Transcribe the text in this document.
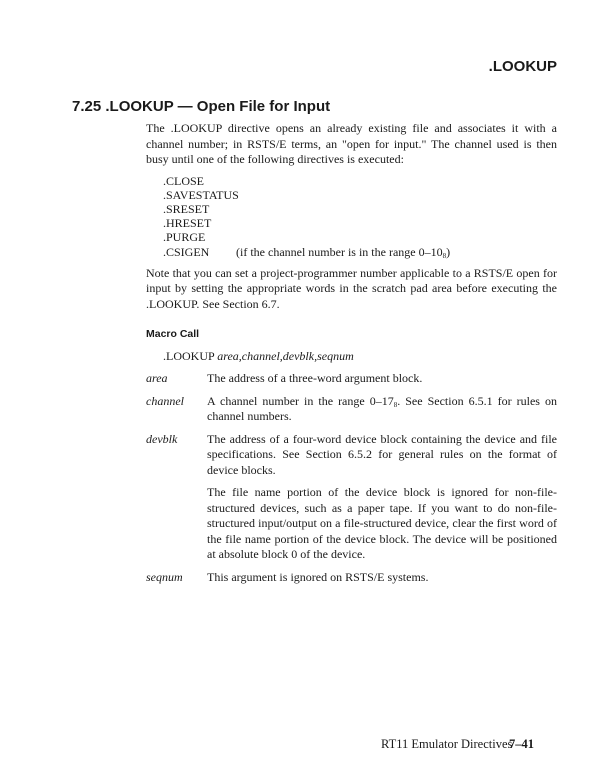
.LOOKUP
7.25 .LOOKUP — Open File for Input

The .LOOKUP directive opens an already existing file and associates it with a channel number; in RSTS/E terms, an "open for input." The channel used is then busy until one of the following directives is executed:

.CLOSE
.SAVESTATUS
.SRESET
.HRESET
.PURGE
.CSIGEN	(if the channel number is in the range $0-10_8$)

Note that you can set a project-programmer number applicable to a RSTS/E open for input by setting the appropriate words in the scratch pad area before executing the .LOOKUP. See Section 6.7.

Macro Call
.LOOKUP area,channel,devblk,seqnum
area	The address of a three-word argument block.

channel	A channel number in the range $0-17_8$. See Section 6.5.1 for rules on channel numbers.

devblk	The address of a four-word device block containing the device and file specifications. See Section 6.5.2 for general rules on the format of device blocks.

The file name portion of the device block is ignored for non-file-structured devices, such as a paper tape. If you want to do non-file-structured input/output on a file-structured device, clear the first word of the file name portion of the device block. The device will be positioned at absolute block 0 of the device.

seqnum	This argument is ignored on RSTS/E systems.

RT11 Emulator Directives
7–41
